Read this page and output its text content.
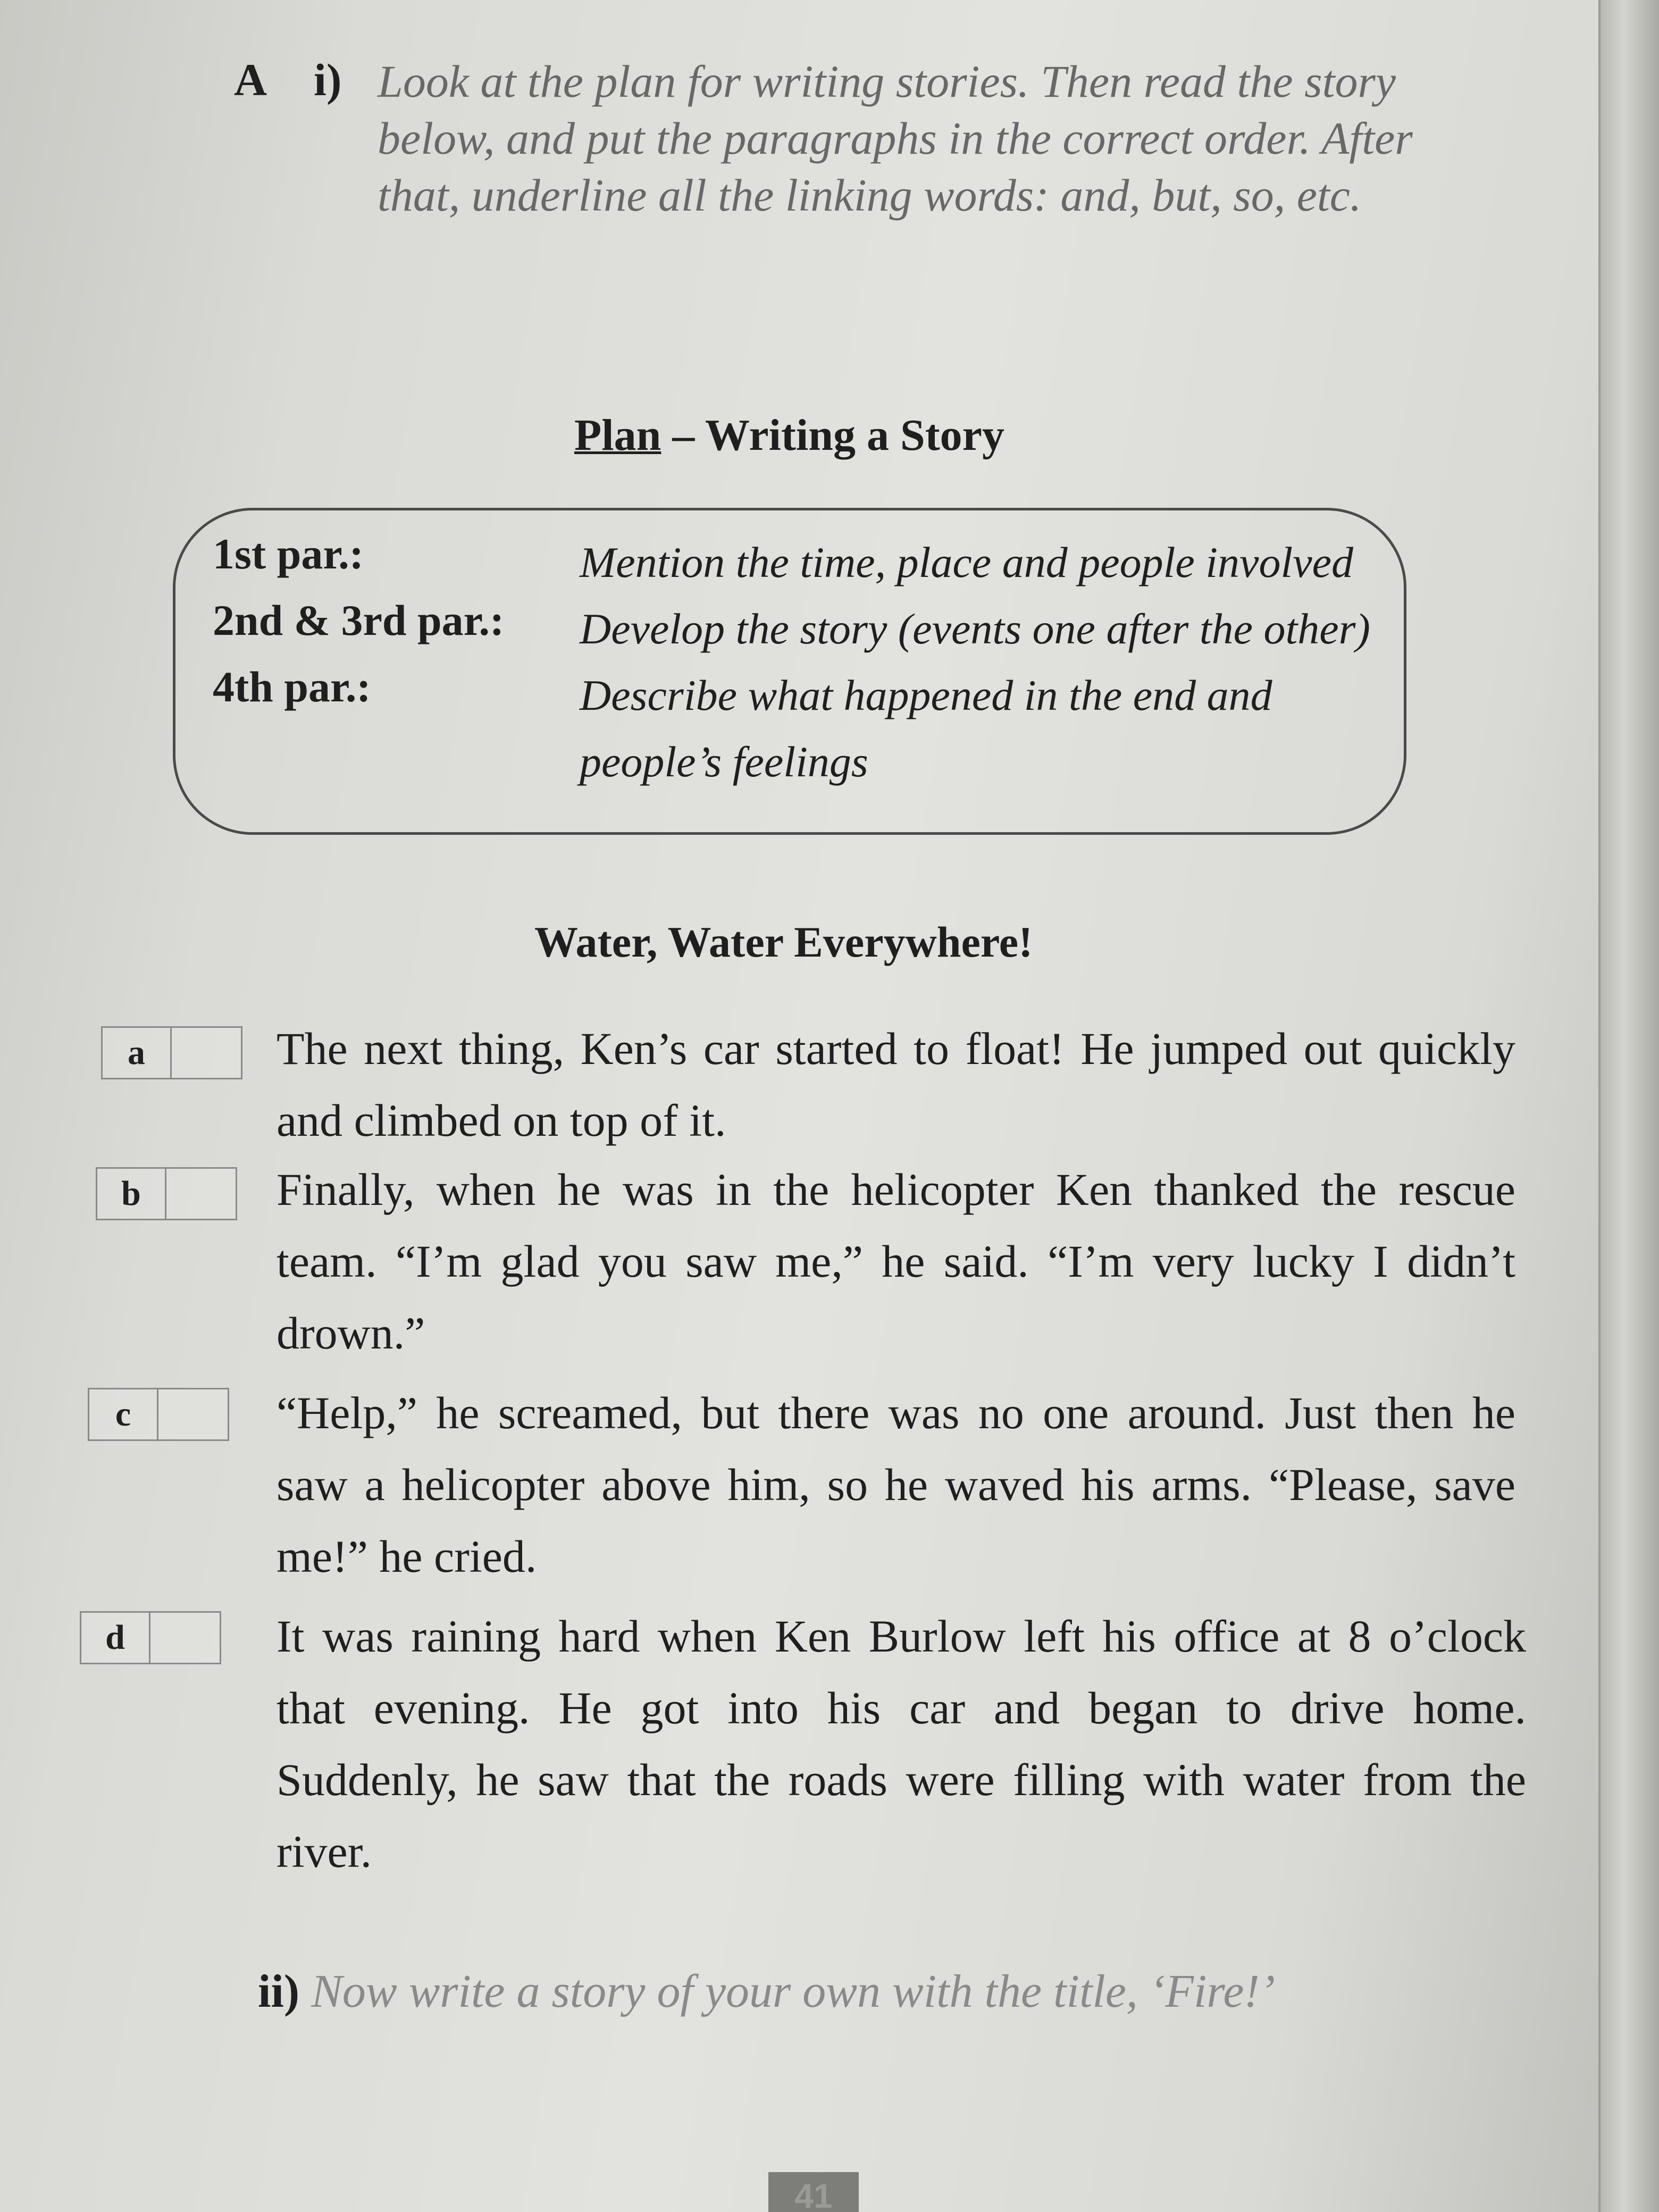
A i) Look at the plan for writing stories. Then read the story below, and put the paragraphs in the correct order. After that, underline all the linking words: and, but, so, etc.
Plan – Writing a Story
1st par.:	Mention the time, place and people involved
2nd & 3rd par.: Develop the story (events one after the other)
4th par.:	Describe what happened in the end and people’s feelings
Water, Water Everywhere!
a	The next thing, Ken’s car started to float! He jumped out quickly and climbed on top of it.
b	Finally, when he was in the helicopter Ken thanked the rescue team. “I’m glad you saw me,” he said. “I’m very lucky I didn’t drown.”
c	“Help,” he screamed, but there was no one around. Just then he saw a helicopter above him, so he waved his arms. “Please, save me!” he cried.
d	It was raining hard when Ken Burlow left his office at 8 o’clock that evening. He got into his car and began to drive home. Suddenly, he saw that the roads were filling with water from the river.
ii) Now write a story of your own with the title, ‘Fire!’
41
